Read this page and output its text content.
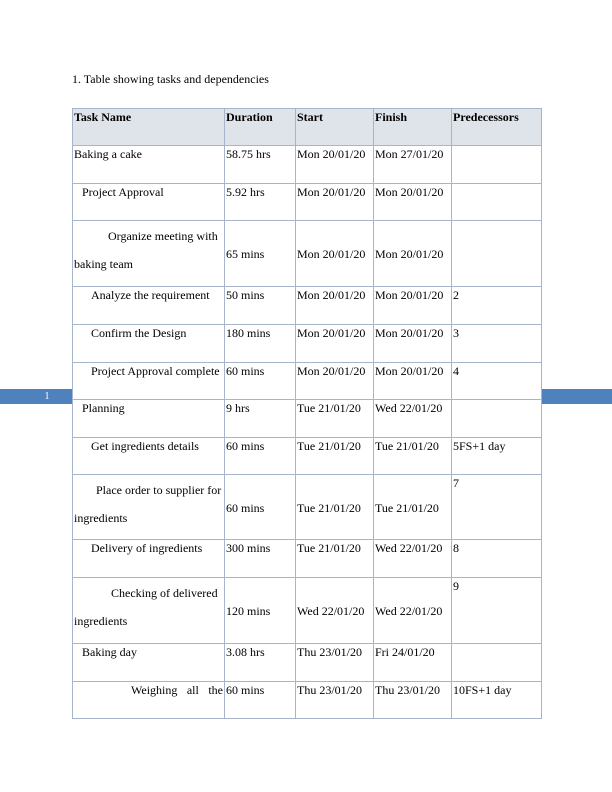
1
1. Table showing tasks and dependencies
Task Name	Duration	Start	Finish	Predecessors
Baking a cake	58.75 hrs	Mon 20/01/20	Mon 27/01/20	
Project Approval	5.92 hrs	Mon 20/01/20	Mon 20/01/20	

Organize meeting with
baking team	65 mins	Mon 20/01/20	Mon 20/01/20	
Analyze the requirement	50 mins	Mon 20/01/20	Mon 20/01/20	2
Confirm the Design	180 mins	Mon 20/01/20	Mon 20/01/20	3
Project Approval complete	60 mins	Mon 20/01/20	Mon 20/01/20	4
Planning	9 hrs	Tue 21/01/20	Wed 22/01/20	
Get ingredients details	60 mins	Tue 21/01/20	Tue 21/01/20	5FS+1 day

Place order to supplier for
ingredients	60 mins	Tue 21/01/20	Tue 21/01/20	7
Delivery of ingredients	300 mins	Tue 21/01/20	Wed 22/01/20	8

Checking of delivered
ingredients	120 mins	Wed 22/01/20	Wed 22/01/20	9
Baking day	3.08 hrs	Thu 23/01/20	Fri 24/01/20	
Weighing all the	60 mins	Thu 23/01/20	Thu 23/01/20	10FS+1 day
